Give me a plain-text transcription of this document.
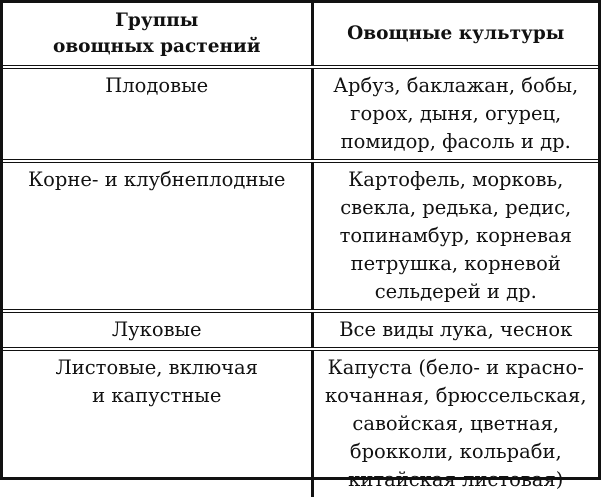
Группы
овощных растений	Овощные культуры

Плодовые	Арбуз, баклажан, бобы,
горох, дыня, огурец,
помидор, фасоль и др.

Корне- и клубнеплодные	Картофель, морковь,
свекла, редька, редис,
топинамбур, корневая
петрушка, корневой
сельдерей и др.

Луковые	Все виды лука, чеснок

Листовые, включая
и капустные	Капуста (бело- и красно-
кочанная, брюссельская,
савойская, цветная,
брокколи, кольраби,
китайская листовая)
